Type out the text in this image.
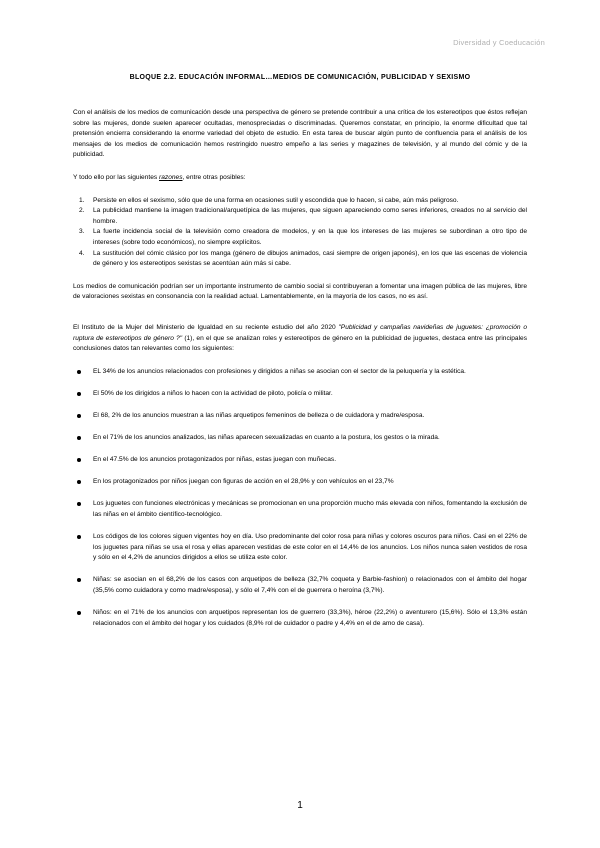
Diversidad y Coeducación
BLOQUE 2.2. EDUCACIÓN INFORMAL…MEDIOS DE COMUNICACIÓN, PUBLICIDAD Y SEXISMO

Con el análisis de los medios de comunicación desde una perspectiva de género se pretende contribuir a una crítica de los estereotipos que éstos reflejan sobre las mujeres, donde suelen aparecer ocultadas, menospreciadas o discriminadas. Queremos constatar, en principio, la enorme dificultad que tal pretensión encierra considerando la enorme variedad del objeto de estudio. En esta tarea de buscar algún punto de confluencia para el análisis de los mensajes de los medios de comunicación hemos restringido nuestro empeño a las series y magazines de televisión, y al mundo del cómic y de la publicidad.

Y todo ello por las siguientes razones, entre otras posibles:

1. Persiste en ellos el sexismo, sólo que de una forma en ocasiones sutil y escondida que lo hacen, si cabe, aún más peligroso.
2. La publicidad mantiene la imagen tradicional/arquetípica de las mujeres, que siguen apareciendo como seres inferiores, creados no al servicio del hombre.
3. La fuerte incidencia social de la televisión como creadora de modelos, y en la que los intereses de las mujeres se subordinan a otro tipo de intereses (sobre todo económicos), no siempre explícitos.
4. La sustitución del cómic clásico por los manga (género de dibujos animados, casi siempre de origen japonés), en los que las escenas de violencia de género y los estereotipos sexistas se acentúan aún más si cabe.

Los medios de comunicación podrían ser un importante instrumento de cambio social si contribuyeran a fomentar una imagen pública de las mujeres, libre de valoraciones sexistas en consonancia con la realidad actual. Lamentablemente, en la mayoría de los casos, no es así.

El Instituto de la Mujer del Ministerio de Igualdad en su reciente estudio del año 2020 "Publicidad y campañas navideñas de juguetes: ¿promoción o ruptura de estereotipos de género ?" (1), en el que se analizan roles y estereotipos de género en la publicidad de juguetes, destaca entre las principales conclusiones datos tan relevantes como los siguientes:

EL 34% de los anuncios relacionados con profesiones y dirigidos a niñas se asocian con el sector de la peluquería y la estética.
El 50% de los dirigidos a niños lo hacen con la actividad de piloto, policía o militar.
El 68, 2% de los anuncios muestran a las niñas arquetipos femeninos de belleza o de cuidadora y madre/esposa.
En el 71% de los anuncios analizados, las niñas aparecen sexualizadas en cuanto a la postura, los gestos o la mirada.
En el 47.5% de los anuncios protagonizados por niñas, estas juegan con muñecas.
En los protagonizados por niños juegan con figuras de acción en el 28,9% y con vehículos en el 23,7%
Los juguetes con funciones electrónicas y mecánicas se promocionan en una proporción mucho más elevada con niños, fomentando la exclusión de las niñas en el ámbito científico-tecnológico.
Los códigos de los colores siguen vigentes hoy en día. Uso predominante del color rosa para niñas y colores oscuros para niños. Casi en el 22% de los juguetes para niñas se usa el rosa y ellas aparecen vestidas de este color en el 14,4% de los anuncios. Los niños nunca salen vestidos de rosa y sólo en el 4,2% de anuncios dirigidos a ellos se utiliza este color.
Niñas: se asocian en el 68,2% de los casos con arquetipos de belleza (32,7% coqueta y Barbie-fashion) o relacionados con el ámbito del hogar (35,5% como cuidadora y como madre/esposa), y sólo el 7,4% con el de guerrera o heroína (3,7%).
Niños: en el 71% de los anuncios con arquetipos representan los de guerrero (33,3%), héroe (22,2%) o aventurero (15,6%). Sólo el 13,3% están relacionados con el ámbito del hogar y los cuidados (8,9% rol de cuidador o padre y 4,4% en el de amo de casa).
1
